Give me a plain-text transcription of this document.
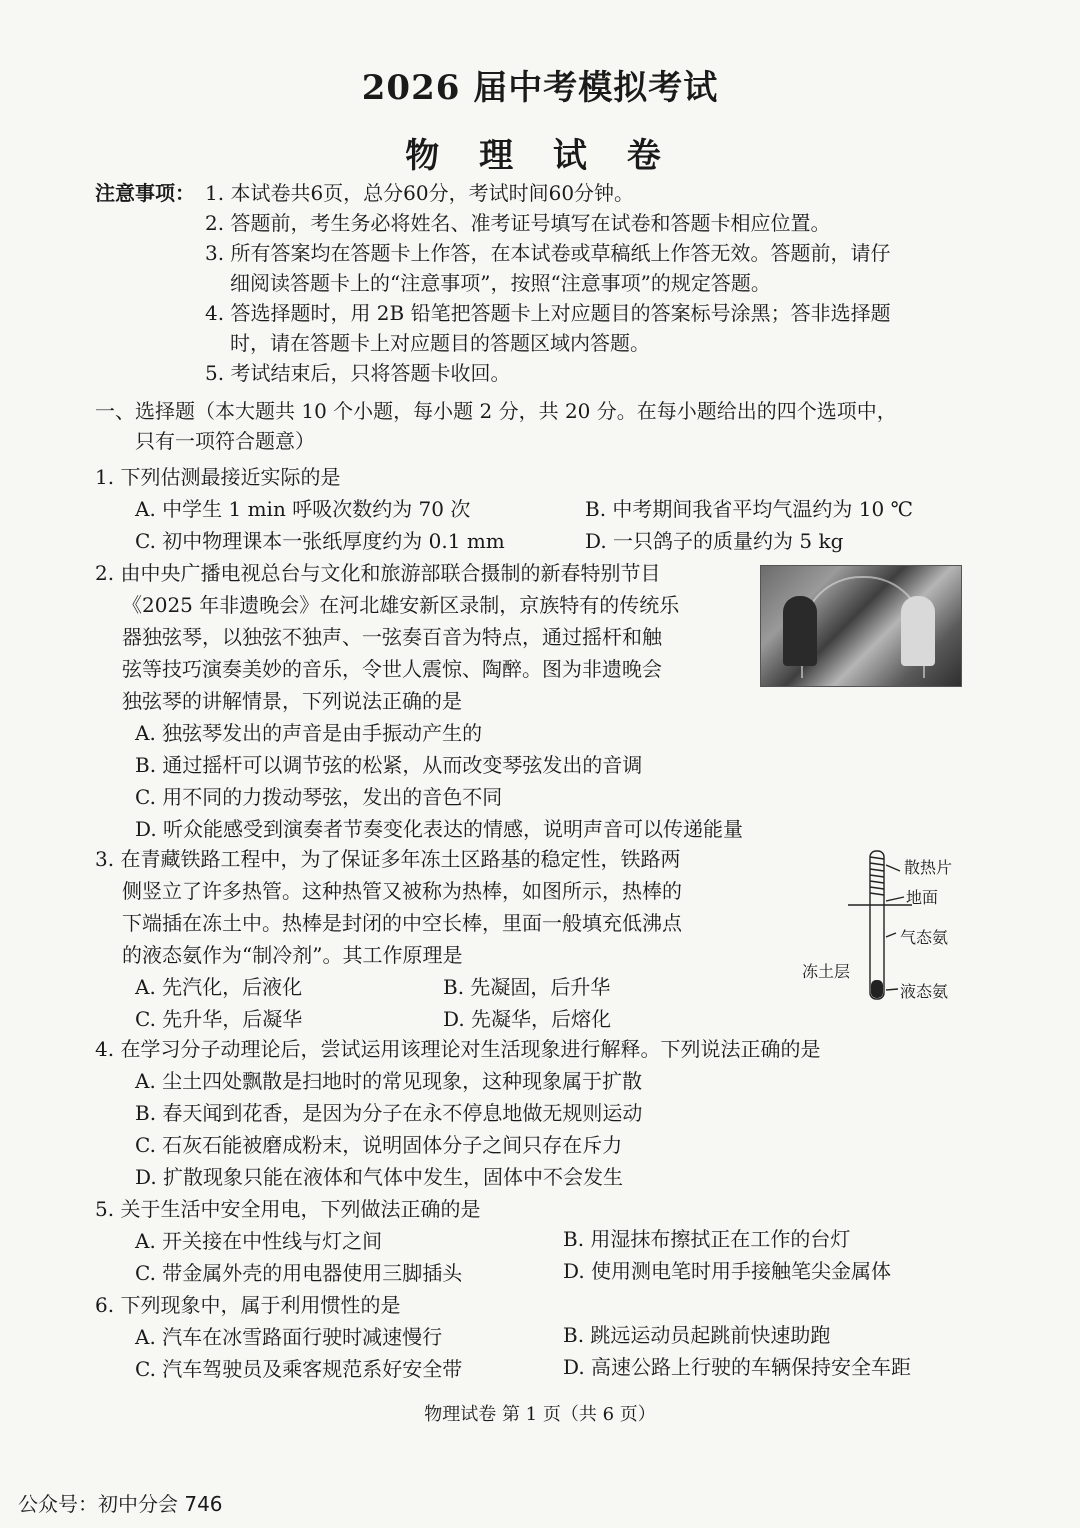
2026 届中考模拟考试
物 理 试 卷
注意事项： 1. 本试卷共6页，总分60分，考试时间60分钟。
2. 答题前，考生务必将姓名、准考证号填写在试卷和答题卡相应位置。
3. 所有答案均在答题卡上作答，在本试卷或草稿纸上作答无效。答题前，请仔
细阅读答题卡上的“注意事项”，按照“注意事项”的规定答题。
4. 答选择题时，用 2B 铅笔把答题卡上对应题目的答案标号涂黑；答非选择题
时，请在答题卡上对应题目的答题区域内答题。
5. 考试结束后，只将答题卡收回。
一、选择题（本大题共 10 个小题，每小题 2 分，共 20 分。在每小题给出的四个选项中，
只有一项符合题意）
1. 下列估测最接近实际的是
A. 中学生 1 min 呼吸次数约为 70 次	B. 中考期间我省平均气温约为 10 ℃
C. 初中物理课本一张纸厚度约为 0.1 mm	D. 一只鸽子的质量约为 5 kg
2. 由中央广播电视总台与文化和旅游部联合摄制的新春特别节目
《2025 年非遗晚会》在河北雄安新区录制，京族特有的传统乐
器独弦琴，以独弦不独声、一弦奏百音为特点，通过摇杆和触
弦等技巧演奏美妙的音乐，令世人震惊、陶醉。图为非遗晚会
独弦琴的讲解情景，下列说法正确的是
A. 独弦琴发出的声音是由手振动产生的
B. 通过摇杆可以调节弦的松紧，从而改变琴弦发出的音调
C. 用不同的力拨动琴弦，发出的音色不同
D. 听众能感受到演奏者节奏变化表达的情感，说明声音可以传递能量
3. 在青藏铁路工程中，为了保证多年冻土区路基的稳定性，铁路两
侧竖立了许多热管。这种热管又被称为热棒，如图所示，热棒的
下端插在冻土中。热棒是封闭的中空长棒，里面一般填充低沸点
的液态氨作为“制冷剂”。其工作原理是
A. 先汽化，后液化	B. 先凝固，后升华
C. 先升华，后凝华	D. 先凝华，后熔化
散热片
地面
气态氨
冻土层
液态氨
4. 在学习分子动理论后，尝试运用该理论对生活现象进行解释。下列说法正确的是
A. 尘土四处飘散是扫地时的常见现象，这种现象属于扩散
B. 春天闻到花香，是因为分子在永不停息地做无规则运动
C. 石灰石能被磨成粉末，说明固体分子之间只存在斥力
D. 扩散现象只能在液体和气体中发生，固体中不会发生
5. 关于生活中安全用电，下列做法正确的是
A. 开关接在中性线与灯之间	B. 用湿抹布擦拭正在工作的台灯
C. 带金属外壳的用电器使用三脚插头	D. 使用测电笔时用手接触笔尖金属体
6. 下列现象中，属于利用惯性的是
A. 汽车在冰雪路面行驶时减速慢行	B. 跳远运动员起跳前快速助跑
C. 汽车驾驶员及乘客规范系好安全带	D. 高速公路上行驶的车辆保持安全车距
物理试卷 第 1 页（共 6 页）
公众号：初中分会 746
